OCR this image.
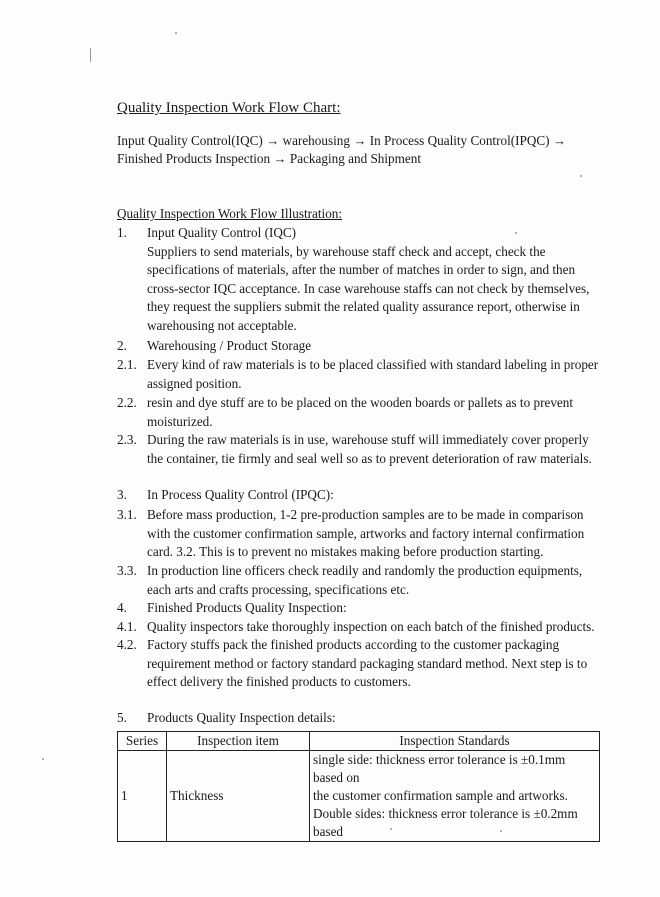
Quality Inspection Work Flow Chart:
Input Quality Control(IQC) → warehousing → In Process Quality Control(IPQC) →
Finished Products Inspection → Packaging and Shipment
Quality Inspection Work Flow Illustration:
1. Input Quality Control (IQC)
Suppliers to send materials, by warehouse staff check and accept, check the
specifications of materials, after the number of matches in order to sign, and then
cross-sector IQC acceptance. In case warehouse staffs can not check by themselves,
they request the suppliers submit the related quality assurance report, otherwise in
warehousing not acceptable.
2. Warehousing / Product Storage
2.1. Every kind of raw materials is to be placed classified with standard labeling in proper
assigned position.
2.2. resin and dye stuff are to be placed on the wooden boards or pallets as to prevent
moisturized.
2.3. During the raw materials is in use, warehouse stuff will immediately cover properly
the container, tie firmly and seal well so as to prevent deterioration of raw materials.
3. In Process Quality Control (IPQC):
3.1. Before mass production, 1-2 pre-production samples are to be made in comparison
with the customer confirmation sample, artworks and factory internal confirmation
card. 3.2. This is to prevent no mistakes making before production starting.
3.3. In production line officers check readily and randomly the production equipments,
each arts and crafts processing, specifications etc.
4. Finished Products Quality Inspection:
4.1. Quality inspectors take thoroughly inspection on each batch of the finished products.
4.2. Factory stuffs pack the finished products according to the customer packaging
requirement method or factory standard packaging standard method. Next step is to
effect delivery the finished products to customers.
5. Products Quality Inspection details:
Series	Inspection item	Inspection Standards
1	Thickness	single side: thickness error tolerance is ±0.1mm based on
the customer confirmation sample and artworks.
Double sides: thickness error tolerance is ±0.2mm based
